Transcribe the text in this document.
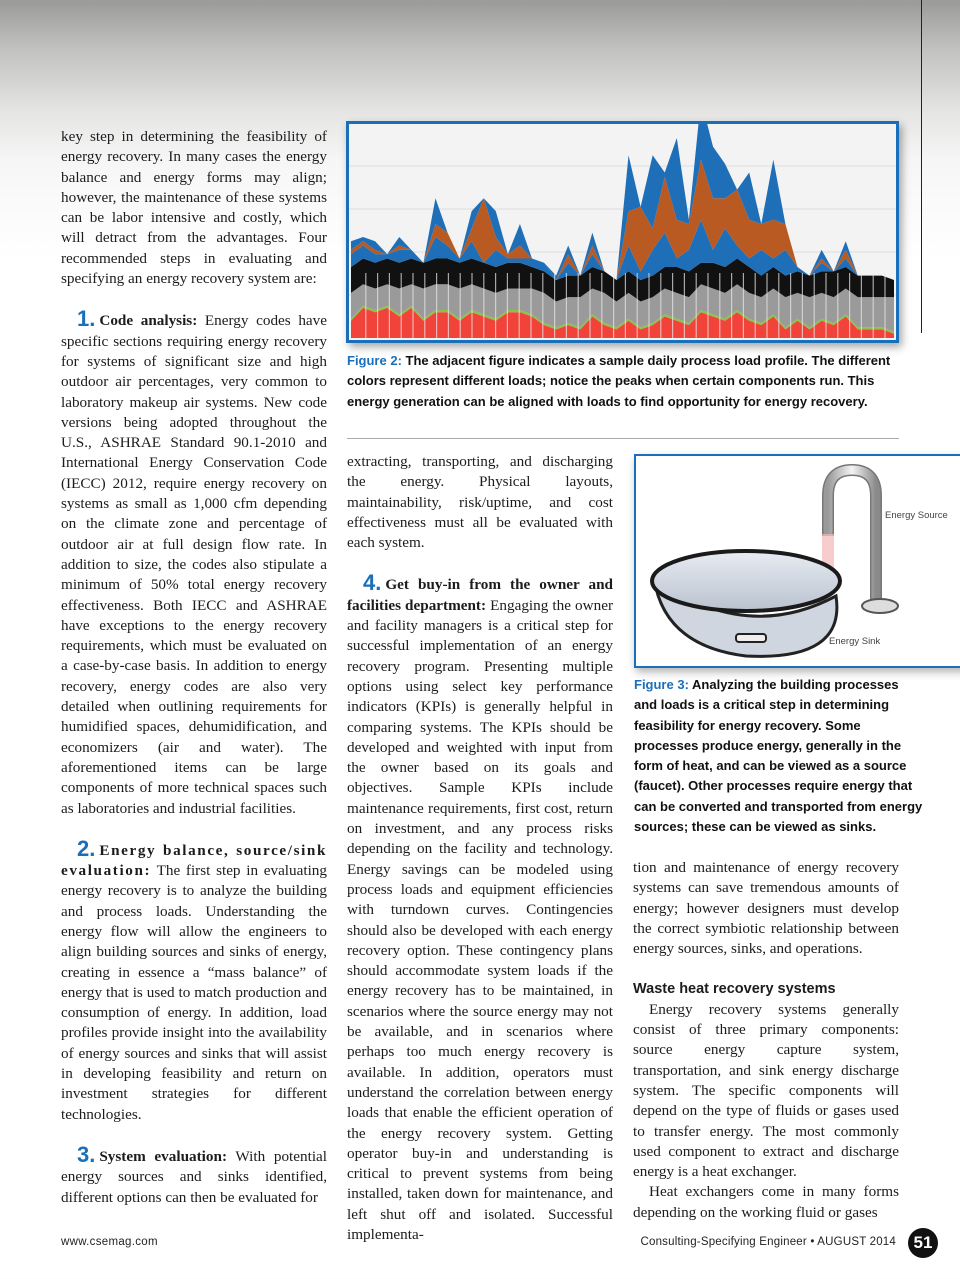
key step in determining the feasibility of energy recovery. In many cases the energy balance and energy forms may align; however, the maintenance of these systems can be labor intensive and costly, which will detract from the advantages. Four recommended steps in evaluating and specifying an energy recovery system are:

1. Code analysis: Energy codes have specific sections requiring energy recovery for systems of significant size and high outdoor air percentages, very common to laboratory makeup air systems. New code versions being adopted throughout the U.S., ASHRAE Standard 90.1-2010 and International Energy Conservation Code (IECC) 2012, require energy recovery on systems as small as 1,000 cfm depending on the climate zone and percentage of outdoor air at full design flow rate. In addition to size, the codes also stipulate a minimum of 50% total energy recovery effectiveness. Both IECC and ASHRAE have exceptions to the energy recovery requirements, which must be evaluated on a case-by-case basis. In addition to energy recovery, energy codes are also very detailed when outlining requirements for humidified spaces, dehumidification, and economizers (air and water). The aforementioned items can be large components of more technical spaces such as laboratories and industrial facilities.

2. Energy balance, source/sink evaluation: The first step in evaluating energy recovery is to analyze the building and process loads. Understanding the energy flow will allow the engineers to align building sources and sinks of energy, creating in essence a “mass balance” of energy that is used to match production and consumption of energy. In addition, load profiles provide insight into the availability of energy sources and sinks that will assist in developing feasibility and return on investment strategies for different technologies.

3. System evaluation: With potential energy sources and sinks identified, different options can then be evaluated for

Figure 2: The adjacent figure indicates a sample daily process load profile. The different colors represent different loads; notice the peaks when certain components run. This energy generation can be aligned with loads to find opportunity for energy recovery.

extracting, transporting, and discharging the energy. Physical layouts, maintainability, risk/uptime, and cost effectiveness must all be evaluated with each system.

4. Get buy-in from the owner and facilities department: Engaging the owner and facility managers is a critical step for successful implementation of an energy recovery program. Presenting multiple options using select key performance indicators (KPIs) is generally helpful in comparing systems. The KPIs should be developed and weighted with input from the owner based on its goals and objectives. Sample KPIs include maintenance requirements, first cost, return on investment, and any process risks depending on the facility and technology. Energy savings can be modeled using process loads and equipment efficiencies with turndown curves. Contingencies should also be developed with each energy recovery option. These contingency plans should accommodate system loads if the energy recovery has to be maintained, in scenarios where the source energy may not be available, and in scenarios where perhaps too much energy recovery is available. In addition, operators must understand the correlation between energy loads that enable the efficient operation of the energy recovery system. Getting operator buy-in and understanding is critical to prevent systems from being installed, taken down for maintenance, and left shut off and isolated. Successful implementa-

Energy Source
Energy Sink
Figure 3: Analyzing the building processes and loads is a critical step in determining feasibility for energy recovery. Some processes produce energy, generally in the form of heat, and can be viewed as a source (faucet). Other processes require energy that can be converted and transported from energy sources; these can be viewed as sinks.

tion and maintenance of energy recovery systems can save tremendous amounts of energy; however designers must develop the correct symbiotic relationship between energy sources, sinks, and operations.

Waste heat recovery systems

Energy recovery systems generally consist of three primary components: source energy capture system, transportation, and sink energy discharge system. The specific components will depend on the type of fluids or gases used to transfer energy. The most commonly used component to extract and discharge energy is a heat exchanger.

Heat exchangers come in many forms depending on the working fluid or gases

www.csemag.com	Consulting-Specifying Engineer • AUGUST 2014	51
